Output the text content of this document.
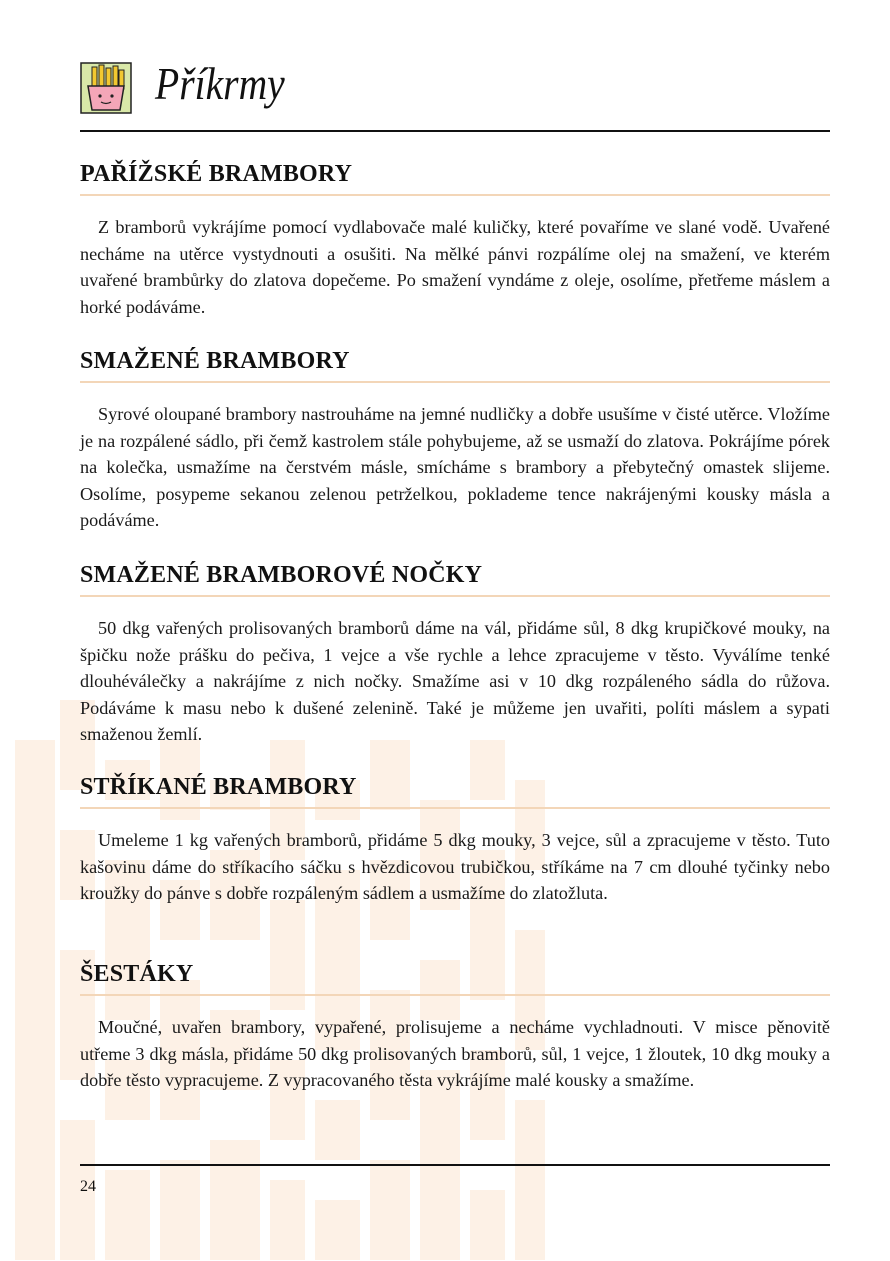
Příkrmy
PAŘÍŽSKÉ BRAMBORY

Z bramborů vykrájíme pomocí vydlabovače malé kuličky, které povaříme ve slané vodě. Uvařené necháme na utěrce vystydnouti a osušiti. Na mělké pánvi rozpálíme olej na smažení, ve kterém uvařené brambůrky do zlatova dopečeme. Po smažení vyndáme z oleje, osolíme, přetřeme máslem a horké podáváme.

SMAŽENÉ BRAMBORY

Syrové oloupané brambory nastrouháme na jemné nudličky a dobře usušíme v čisté utěrce. Vložíme je na rozpálené sádlo, při čemž kastrolem stále pohybujeme, až se usmaží do zlatova. Pokrájíme pórek na kolečka, usmažíme na čerstvém másle, smícháme s brambory a přebytečný omastek slijeme. Osolíme, posypeme sekanou zelenou petrželkou, poklademe tence nakrájenými kousky másla a podáváme.

SMAŽENÉ BRAMBOROVÉ NOČKY

50 dkg vařených prolisovaných bramborů dáme na vál, přidáme sůl, 8 dkg krupičkové mouky, na špičku nože prášku do pečiva, 1 vejce a vše rychle a lehce zpracujeme v těsto. Vyválíme tenké dlouhéválečky a nakrájíme z nich nočky. Smažíme asi v 10 dkg rozpáleného sádla do růžova. Podáváme k masu nebo k dušené zelenině. Také je můžeme jen uvařiti, políti máslem a sypati smaženou žemlí.

STŘÍKANÉ BRAMBORY

Umeleme 1 kg vařených bramborů, přidáme 5 dkg mouky, 3 vejce, sůl a zpracujeme v těsto. Tuto kašovinu dáme do stříkacího sáčku s hvězdicovou trubičkou, stříkáme na 7 cm dlouhé tyčinky nebo kroužky do pánve s dobře rozpáleným sádlem a usmažíme do zlatožluta.

ŠESTÁKY

Moučné, uvařen brambory, vypařené, prolisujeme a necháme vychladnouti. V misce pěnovitě utřeme 3 dkg másla, přidáme 50 dkg prolisovaných bramborů, sůl, 1 vejce, 1 žloutek, 10 dkg mouky a dobře těsto vypracujeme. Z vypracovaného těsta vykrájíme malé kousky a smažíme.

24
